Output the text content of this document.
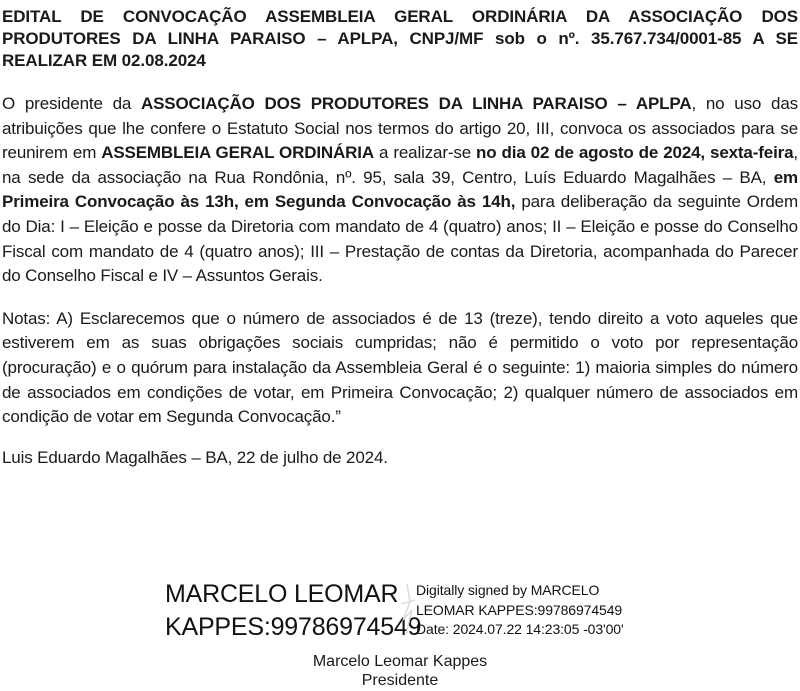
EDITAL DE CONVOCAÇÃO ASSEMBLEIA GERAL ORDINÁRIA DA ASSOCIAÇÃO DOS PRODUTORES DA LINHA PARAISO – APLPA, CNPJ/MF sob o nº. 35.767.734/0001-85 A SE REALIZAR EM 02.08.2024

O presidente da ASSOCIAÇÃO DOS PRODUTORES DA LINHA PARAISO – APLPA, no uso das atribuições que lhe confere o Estatuto Social nos termos do artigo 20, III, convoca os associados para se reunirem em ASSEMBLEIA GERAL ORDINÁRIA a realizar-se no dia 02 de agosto de 2024, sexta-feira, na sede da associação na Rua Rondônia, nº. 95, sala 39, Centro, Luís Eduardo Magalhães – BA, em Primeira Convocação às 13h, em Segunda Convocação às 14h, para deliberação da seguinte Ordem do Dia: I – Eleição e posse da Diretoria com mandato de 4 (quatro) anos; II – Eleição e posse do Conselho Fiscal com mandato de 4 (quatro anos); III – Prestação de contas da Diretoria, acompanhada do Parecer do Conselho Fiscal e IV – Assuntos Gerais.

Notas: A) Esclarecemos que o número de associados é de 13 (treze), tendo direito a voto aqueles que estiverem em as suas obrigações sociais cumpridas; não é permitido o voto por representação (procuração) e o quórum para instalação da Assembleia Geral é o seguinte: 1) maioria simples do número de associados em condições de votar, em Primeira Convocação; 2) qualquer número de associados em condição de votar em Segunda Convocação.”

Luis Eduardo Magalhães – BA, 22 de julho de 2024.

MARCELO LEOMAR
KAPPES:99786974549
Digitally signed by MARCELO
LEOMAR KAPPES:99786974549
Date: 2024.07.22 14:23:05 -03'00'
Marcelo Leomar Kappes
Presidente
